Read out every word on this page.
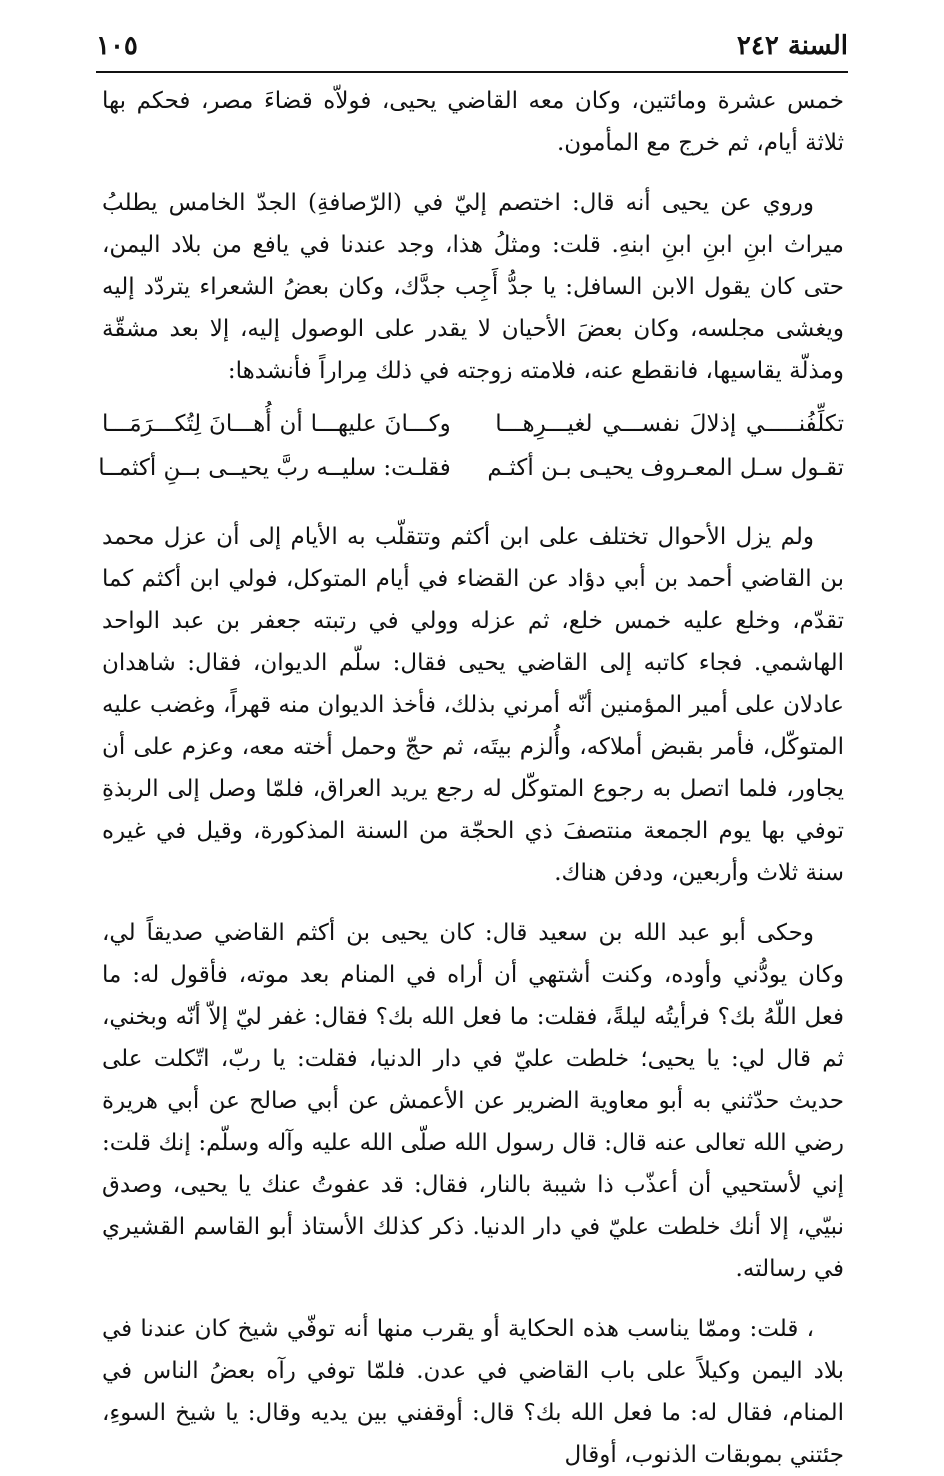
السنة ٢٤٢
١٠٥

خمس عشرة ومائتين، وكان معه القاضي يحيى، فولاّه قضاءَ مصر، فحكم بها ثلاثة أيام، ثم خرج مع المأمون.

وروي عن يحيى أنه قال: اختصم إليّ في (الرّصافةِ) الجدّ الخامس يطلبُ ميراث ابنِ ابنِ ابنِ ابنهِ. قلت: ومثلُ هذا، وجد عندنا في يافع من بلاد اليمن، حتى كان يقول الابن السافل: يا جدُّ أَجِب جدَّك، وكان بعضُ الشعراء يتردّد إليه ويغشى مجلسه، وكان بعضَ الأحيان لا يقدر على الوصول إليه، إلا بعد مشقّة ومذلّة يقاسيها، فانقطع عنه، فلامته زوجته في ذلك مِراراً فأنشدها:

تكلِّفُنـــــي إذلالَ نفســـي لغيـــرِهـــا
وكـــانَ عليهـــا أن أُهـــانَ لِتُكـــرَمَـــا
تقـول سـل المعـروف يحيـى بـن أكثـم
فقلـت: سليــه ربَّ يحيــى بــنِ أكثمــا

ولم يزل الأحوال تختلف على ابن أكثم وتتقلّب به الأيام إلى أن عزل محمد بن القاضي أحمد بن أبي دؤاد عن القضاء في أيام المتوكل، فولي ابن أكثم كما تقدّم، وخلع عليه خمس خلع، ثم عزله وولي في رتبته جعفر بن عبد الواحد الهاشمي. فجاء كاتبه إلى القاضي يحيى فقال: سلّم الديوان، فقال: شاهدان عادلان على أمير المؤمنين أنّه أمرني بذلك، فأخذ الديوان منه قهراً، وغضب عليه المتوكّل، فأمر بقبض أملاكه، وأُلزم بيتَه، ثم حجّ وحمل أخته معه، وعزم على أن يجاور، فلما اتصل به رجوع المتوكّل له رجع يريد العراق، فلمّا وصل إلى الربذةِ توفي بها يوم الجمعة منتصفَ ذي الحجّة من السنة المذكورة، وقيل في غيره سنة ثلاث وأربعين، ودفن هناك.

وحكى أبو عبد الله بن سعيد قال: كان يحيى بن أكثم القاضي صديقاً لي، وكان يودُّني وأوده، وكنت أشتهي أن أراه في المنام بعد موته، فأقول له: ما فعل اللّهُ بك؟ فرأيتُه ليلةً، فقلت: ما فعل الله بك؟ فقال: غفر ليّ إلاّ أنّه وبخني، ثم قال لي: يا يحيى؛ خلطت عليّ في دار الدنيا، فقلت: يا ربّ، اتّكلت على حديث حدّثني به أبو معاوية الضرير عن الأعمش عن أبي صالح عن أبي هريرة رضي الله تعالى عنه قال: قال رسول الله صلّى الله عليه وآله وسلّم: إنك قلت: إني لأستحيي أن أعذّب ذا شيبة بالنار، فقال: قد عفوتُ عنك يا يحيى، وصدق نبيّي، إلا أنك خلطت عليّ في دار الدنيا. ذكر كذلك الأستاذ أبو القاسم القشيري في رسالته.

، قلت: وممّا يناسب هذه الحكاية أو يقرب منها أنه توفّي شيخ كان عندنا في بلاد اليمن وكيلاً على باب القاضي في عدن. فلمّا توفي رآه بعضُ الناس في المنام، فقال له: ما فعل الله بك؟ قال: أوقفني بين يديه وقال: يا شيخ السوءِ، جئتني بموبقات الذنوب، أوقال
